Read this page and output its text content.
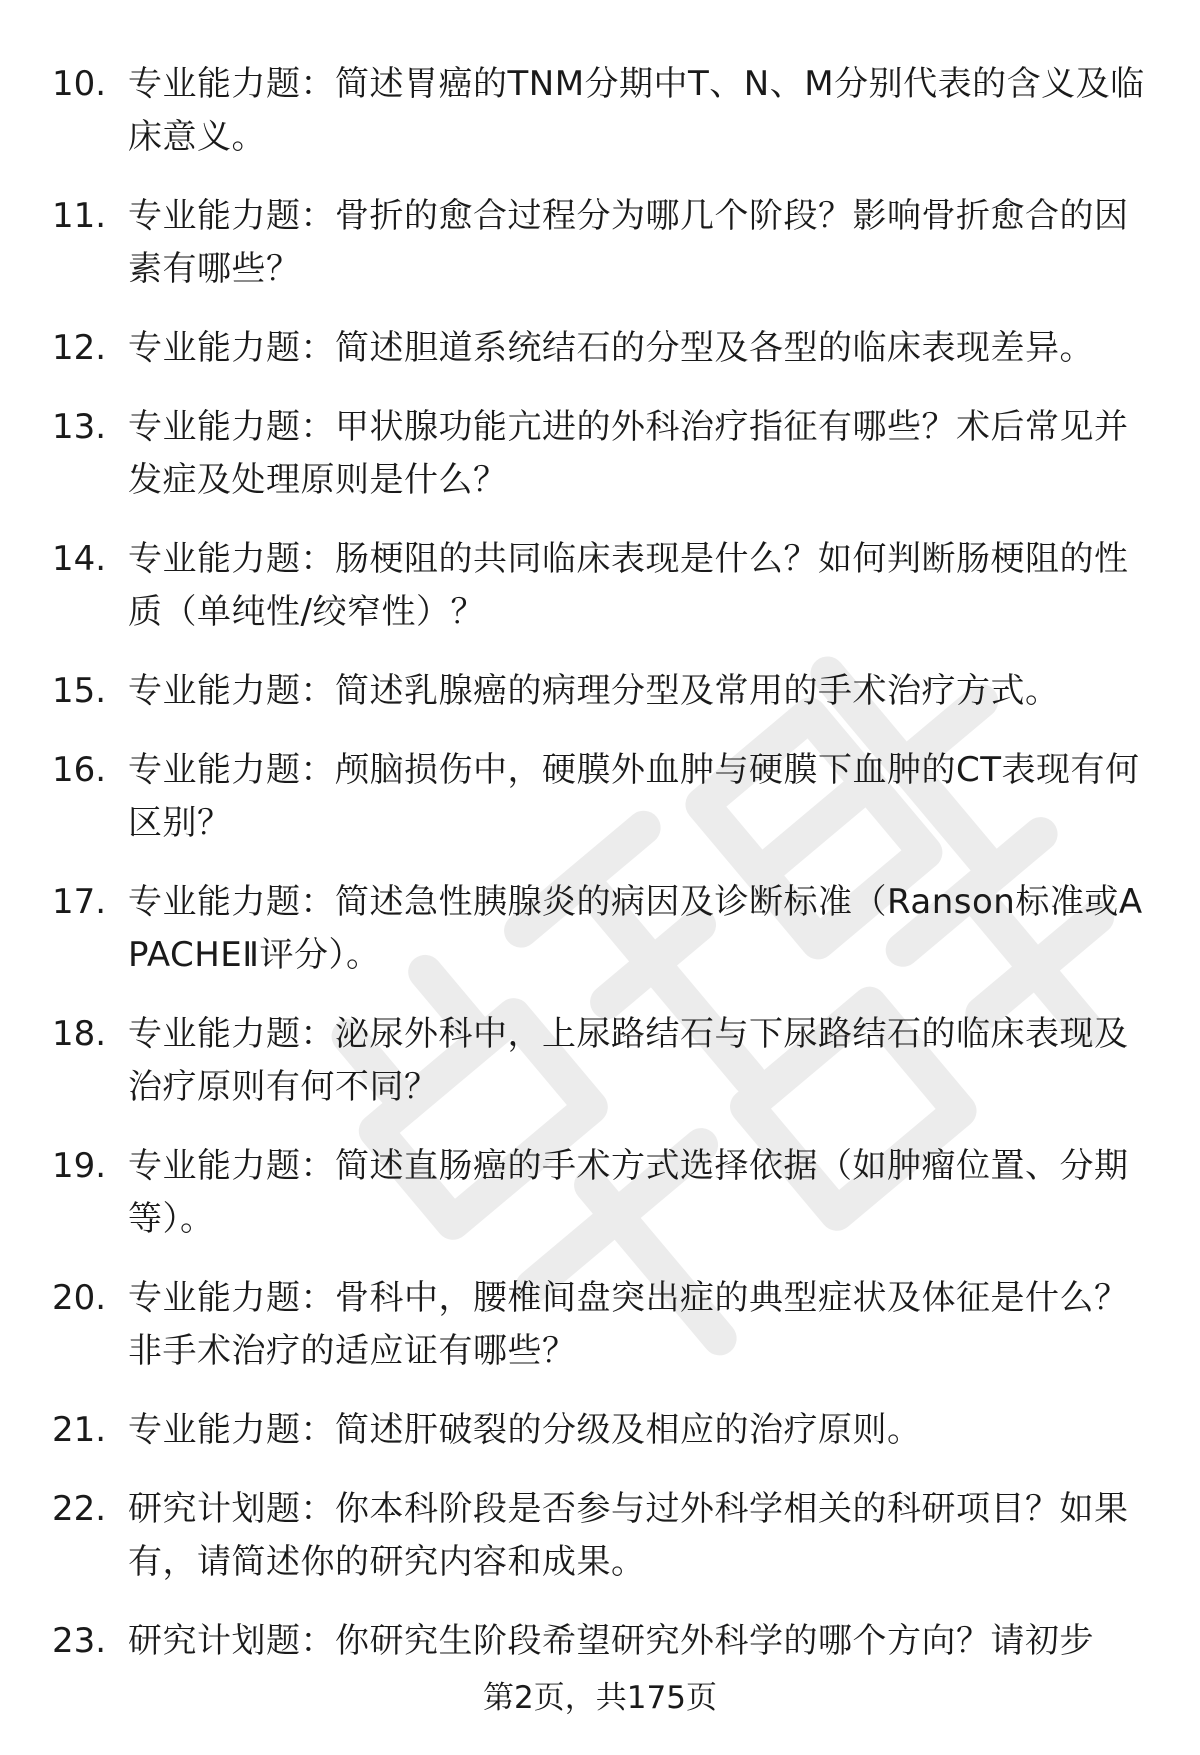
10. 专业能力题：简述胃癌的TNM分期中T、N、M分别代表的含义及临床意义。
11. 专业能力题：骨折的愈合过程分为哪几个阶段？影响骨折愈合的因素有哪些？
12. 专业能力题：简述胆道系统结石的分型及各型的临床表现差异。
13. 专业能力题：甲状腺功能亢进的外科治疗指征有哪些？术后常见并发症及处理原则是什么？
14. 专业能力题：肠梗阻的共同临床表现是什么？如何判断肠梗阻的性质（单纯性/绞窄性）？
15. 专业能力题：简述乳腺癌的病理分型及常用的手术治疗方式。
16. 专业能力题：颅脑损伤中，硬膜外血肿与硬膜下血肿的CT表现有何区别？
17. 专业能力题：简述急性胰腺炎的病因及诊断标准（Ranson标准或APACHEⅡ评分）。
18. 专业能力题：泌尿外科中，上尿路结石与下尿路结石的临床表现及治疗原则有何不同？
19. 专业能力题：简述直肠癌的手术方式选择依据（如肿瘤位置、分期等）。
20. 专业能力题：骨科中，腰椎间盘突出症的典型症状及体征是什么？非手术治疗的适应证有哪些？
21. 专业能力题：简述肝破裂的分级及相应的治疗原则。
22. 研究计划题：你本科阶段是否参与过外科学相关的科研项目？如果有，请简述你的研究内容和成果。
23. 研究计划题：你研究生阶段希望研究外科学的哪个方向？请初步
第2页，共175页
